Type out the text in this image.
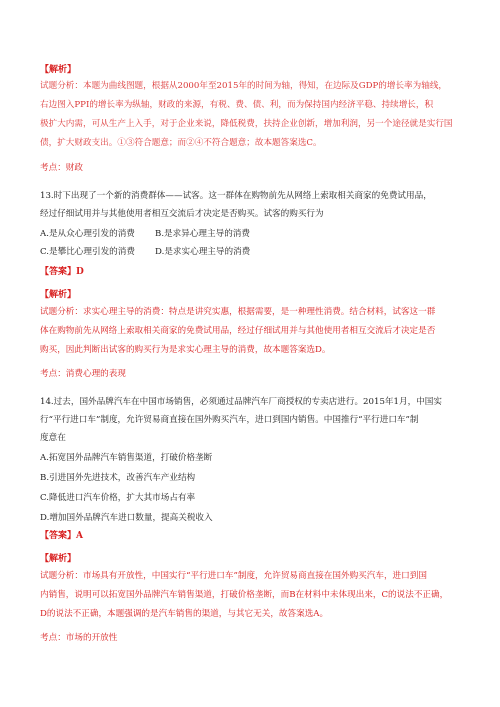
【解析】
试题分析：本题为曲线图题，根据从2000年至2015年的时间为轴，得知，在边际及GDP的增长率为轴线，
右边图入PPI的增长率为纵轴，财政的来源，有税、费、债、利，而为保持国内经济平稳、持续增长，积
极扩大内需，可从生产上入手，对于企业来说，降低税费，扶持企业创新，增加利润，另一个途径就是实行国
债，扩大财政支出。①③符合题意；而②④不符合题意；故本题答案选C。
考点：财政
13.时下出现了一个新的消费群体——试客。这一群体在购物前先从网络上索取相关商家的免费试用品，
经过仔细试用并与其他使用者相互交流后才决定是否购买。试客的购买行为
A.是从众心理引发的消费	B.是求异心理主导的消费
C.是攀比心理引发的消费	D.是求实心理主导的消费
【答案】D
【解析】
试题分析：求实心理主导的消费：特点是讲究实惠，根据需要，是一种理性消费。结合材料，试客这一群
体在购物前先从网络上索取相关商家的免费试用品，经过仔细试用并与其他使用者相互交流后才决定是否
购买，因此判断出试客的购买行为是求实心理主导的消费，故本题答案选D。
考点：消费心理的表现
14.过去，国外品牌汽车在中国市场销售，必须通过品牌汽车厂商授权的专卖店进行。2015年1月，中国实
行“平行进口车”制度，允许贸易商直接在国外购买汽车，进口到国内销售。中国推行“平行进口车”制
度意在
A.拓宽国外品牌汽车销售渠道，打破价格垄断
B.引进国外先进技术，改善汽车产业结构
C.降低进口汽车价格，扩大其市场占有率
D.增加国外品牌汽车进口数量，提高关税收入
【答案】A
【解析】
试题分析：市场具有开放性，中国实行“平行进口车”制度，允许贸易商直接在国外购买汽车，进口到国
内销售，说明可以拓宽国外品牌汽车销售渠道，打破价格垄断，而B在材料中未体现出来，C的说法不正确，
D的说法不正确，本题强调的是汽车销售的渠道，与其它无关，故答案选A。
考点：市场的开放性
